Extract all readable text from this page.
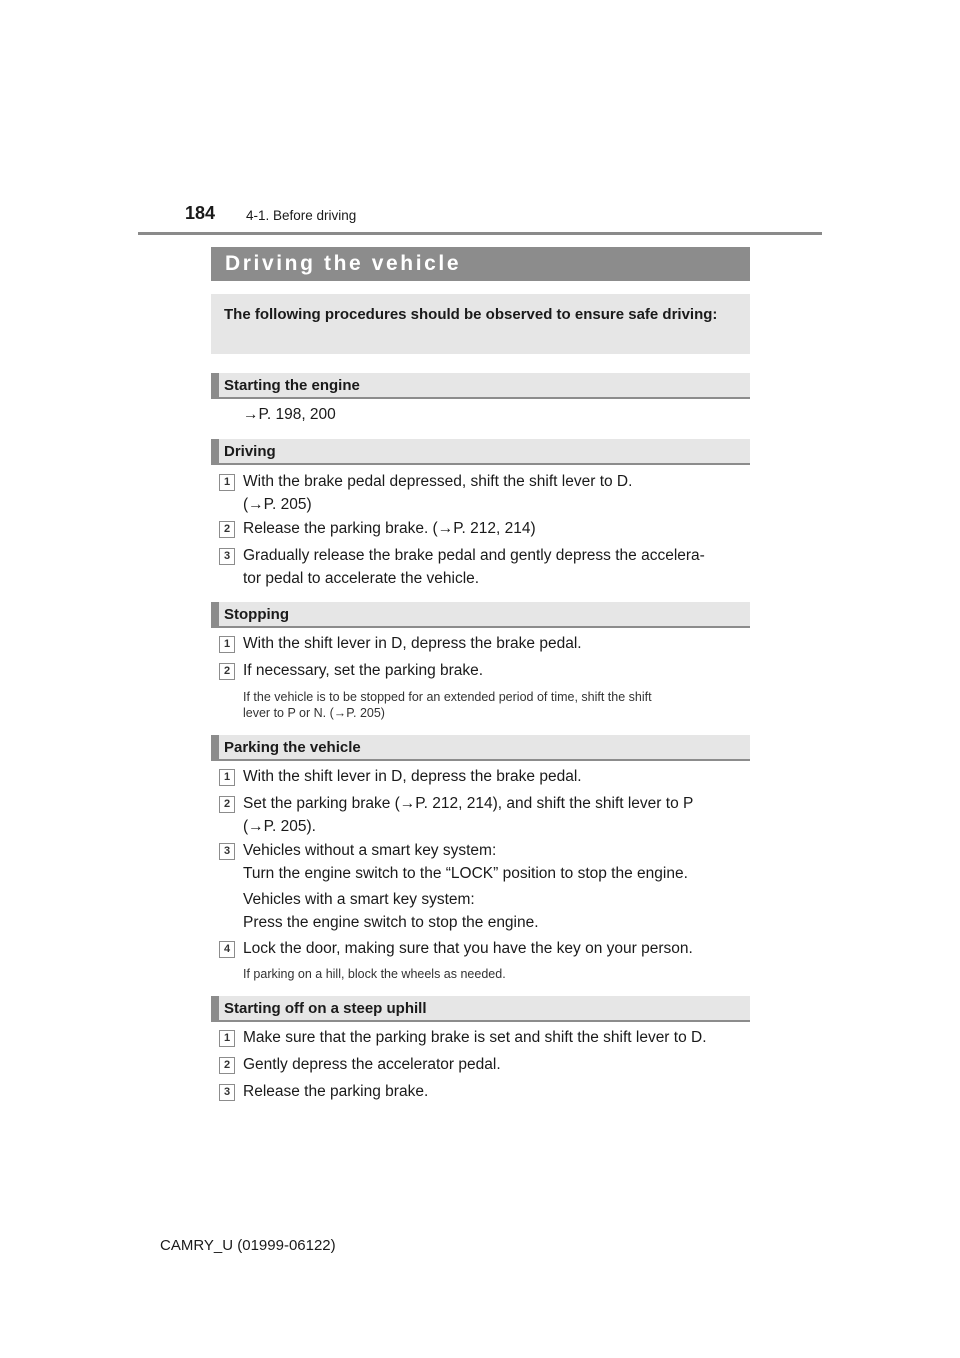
184 4-1. Before driving
Driving the vehicle
The following procedures should be observed to ensure safe driving:
Starting the engine
→P. 198, 200
Driving
1 With the brake pedal depressed, shift the shift lever to D.
(→P. 205)
2 Release the parking brake. (→P. 212, 214)
3 Gradually release the brake pedal and gently depress the accelera-
tor pedal to accelerate the vehicle.
Stopping
1 With the shift lever in D, depress the brake pedal.
2 If necessary, set the parking brake.
If the vehicle is to be stopped for an extended period of time, shift the shift
lever to P or N. (→P. 205)
Parking the vehicle
1 With the shift lever in D, depress the brake pedal.
2 Set the parking brake (→P. 212, 214), and shift the shift lever to P
(→P. 205).
3 Vehicles without a smart key system:
Turn the engine switch to the “LOCK” position to stop the engine.
Vehicles with a smart key system:
Press the engine switch to stop the engine.
4 Lock the door, making sure that you have the key on your person.
If parking on a hill, block the wheels as needed.
Starting off on a steep uphill
1 Make sure that the parking brake is set and shift the shift lever to D.
2 Gently depress the accelerator pedal.
3 Release the parking brake.
CAMRY_U (01999-06122)
